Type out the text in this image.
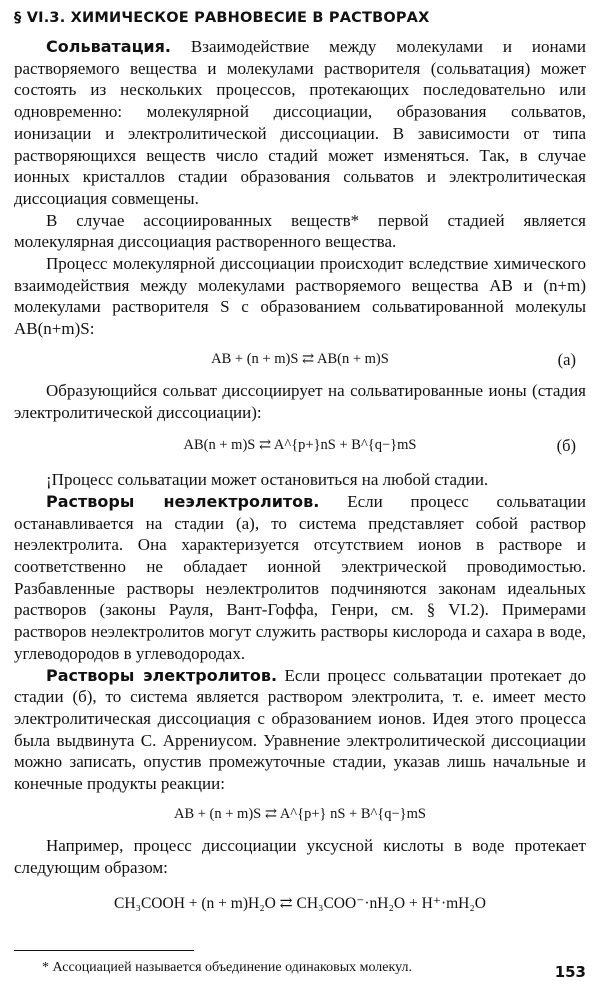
§ VI.3. ХИМИЧЕСКОЕ РАВНОВЕСИЕ В РАСТВОРАХ

Сольватация. Взаимодействие между молекулами и ионами растворяемого вещества и молекулами растворителя (сольватация) может состоять из нескольких процессов, протекающих последовательно или одновременно: молекулярной диссоциации, образования сольватов, ионизации и электролитической диссоциации. В зависимости от типа растворяющихся веществ число стадий может изменяться. Так, в случае ионных кристаллов стадии образования сольватов и электролитическая диссоциация совмещены.

В случае ассоциированных веществ* первой стадией является молекулярная диссоциация растворенного вещества.

Процесс молекулярной диссоциации происходит вследствие химического взаимодействия между молекулами растворяемого вещества AB и (n+m) молекулами растворителя S с образованием сольватированной молекулы AB(n+m)S:

AB + (n + m)S ⇄ AB(n + m)S	(а)

Образующийся сольват диссоциирует на сольватированные ионы (стадия электролитической диссоциации):

AB(n + m)S ⇄ A^{p+}nS + B^{q−}mS	(б)

¡Процесс сольватации может остановиться на любой стадии.

Растворы неэлектролитов. Если процесс сольватации останавливается на стадии (а), то система представляет собой раствор неэлектролита. Она характеризуется отсутствием ионов в растворе и соответственно не обладает ионной электрической проводимостью. Разбавленные растворы неэлектролитов подчиняются законам идеальных растворов (законы Рауля, Вант-Гоффа, Генри, см. § VI.2). Примерами растворов неэлектролитов могут служить растворы кислорода и сахара в воде, углеводородов в углеводородах.

Растворы электролитов. Если процесс сольватации протекает до стадии (б), то система является раствором электролита, т. е. имеет место электролитическая диссоциация с образованием ионов. Идея этого процесса была выдвинута С. Аррениусом. Уравнение электролитической диссоциации можно записать, опустив промежуточные стадии, указав лишь начальные и конечные продукты реакции:

AB + (n + m)S ⇄ A^{p+} nS + B^{q−}mS

Например, процесс диссоциации уксусной кислоты в воде протекает следующим образом:

CH₃COOH + (n + m)H₂O ⇄ CH₃COO⁻·nH₂O + H⁺·mH₂O

* Ассоциацией называется объединение одинаковых молекул.	153
